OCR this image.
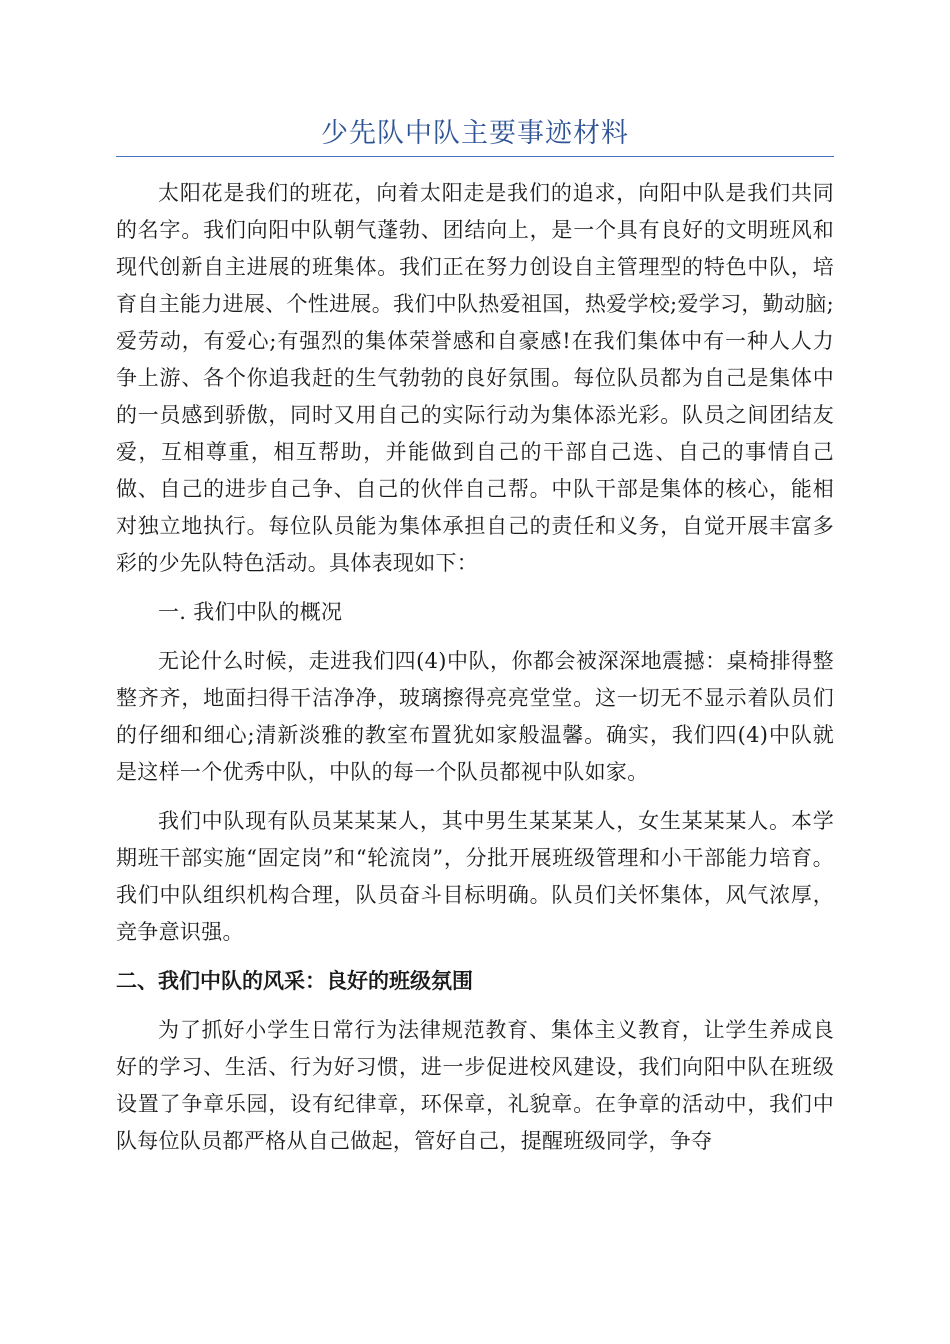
少先队中队主要事迹材料

太阳花是我们的班花，向着太阳走是我们的追求，向阳中队是我们共同的名字。我们向阳中队朝气蓬勃、团结向上，是一个具有良好的文明班风和现代创新自主进展的班集体。我们正在努力创设自主管理型的特色中队，培育自主能力进展、个性进展。我们中队热爱祖国，热爱学校;爱学习，勤动脑;爱劳动，有爱心;有强烈的集体荣誉感和自豪感!在我们集体中有一种人人力争上游、各个你追我赶的生气勃勃的良好氛围。每位队员都为自己是集体中的一员感到骄傲，同时又用自己的实际行动为集体添光彩。队员之间团结友爱，互相尊重，相互帮助，并能做到自己的干部自己选、自己的事情自己做、自己的进步自己争、自己的伙伴自己帮。中队干部是集体的核心，能相对独立地执行。每位队员能为集体承担自己的责任和义务，自觉开展丰富多彩的少先队特色活动。具体表现如下：

一. 我们中队的概况

无论什么时候，走进我们四(4)中队，你都会被深深地震撼：桌椅排得整整齐齐，地面扫得干洁净净，玻璃擦得亮亮堂堂。这一切无不显示着队员们的仔细和细心;清新淡雅的教室布置犹如家般温馨。确实，我们四(4)中队就是这样一个优秀中队，中队的每一个队员都视中队如家。

我们中队现有队员某某某人，其中男生某某某人，女生某某某人。本学期班干部实施“固定岗”和“轮流岗”，分批开展班级管理和小干部能力培育。我们中队组织机构合理，队员奋斗目标明确。队员们关怀集体，风气浓厚，竞争意识强。

二、我们中队的风采：良好的班级氛围

为了抓好小学生日常行为法律规范教育、集体主义教育，让学生养成良好的学习、生活、行为好习惯，进一步促进校风建设，我们向阳中队在班级设置了争章乐园，设有纪律章，环保章，礼貌章。在争章的活动中，我们中队每位队员都严格从自己做起，管好自己，提醒班级同学，争夺
